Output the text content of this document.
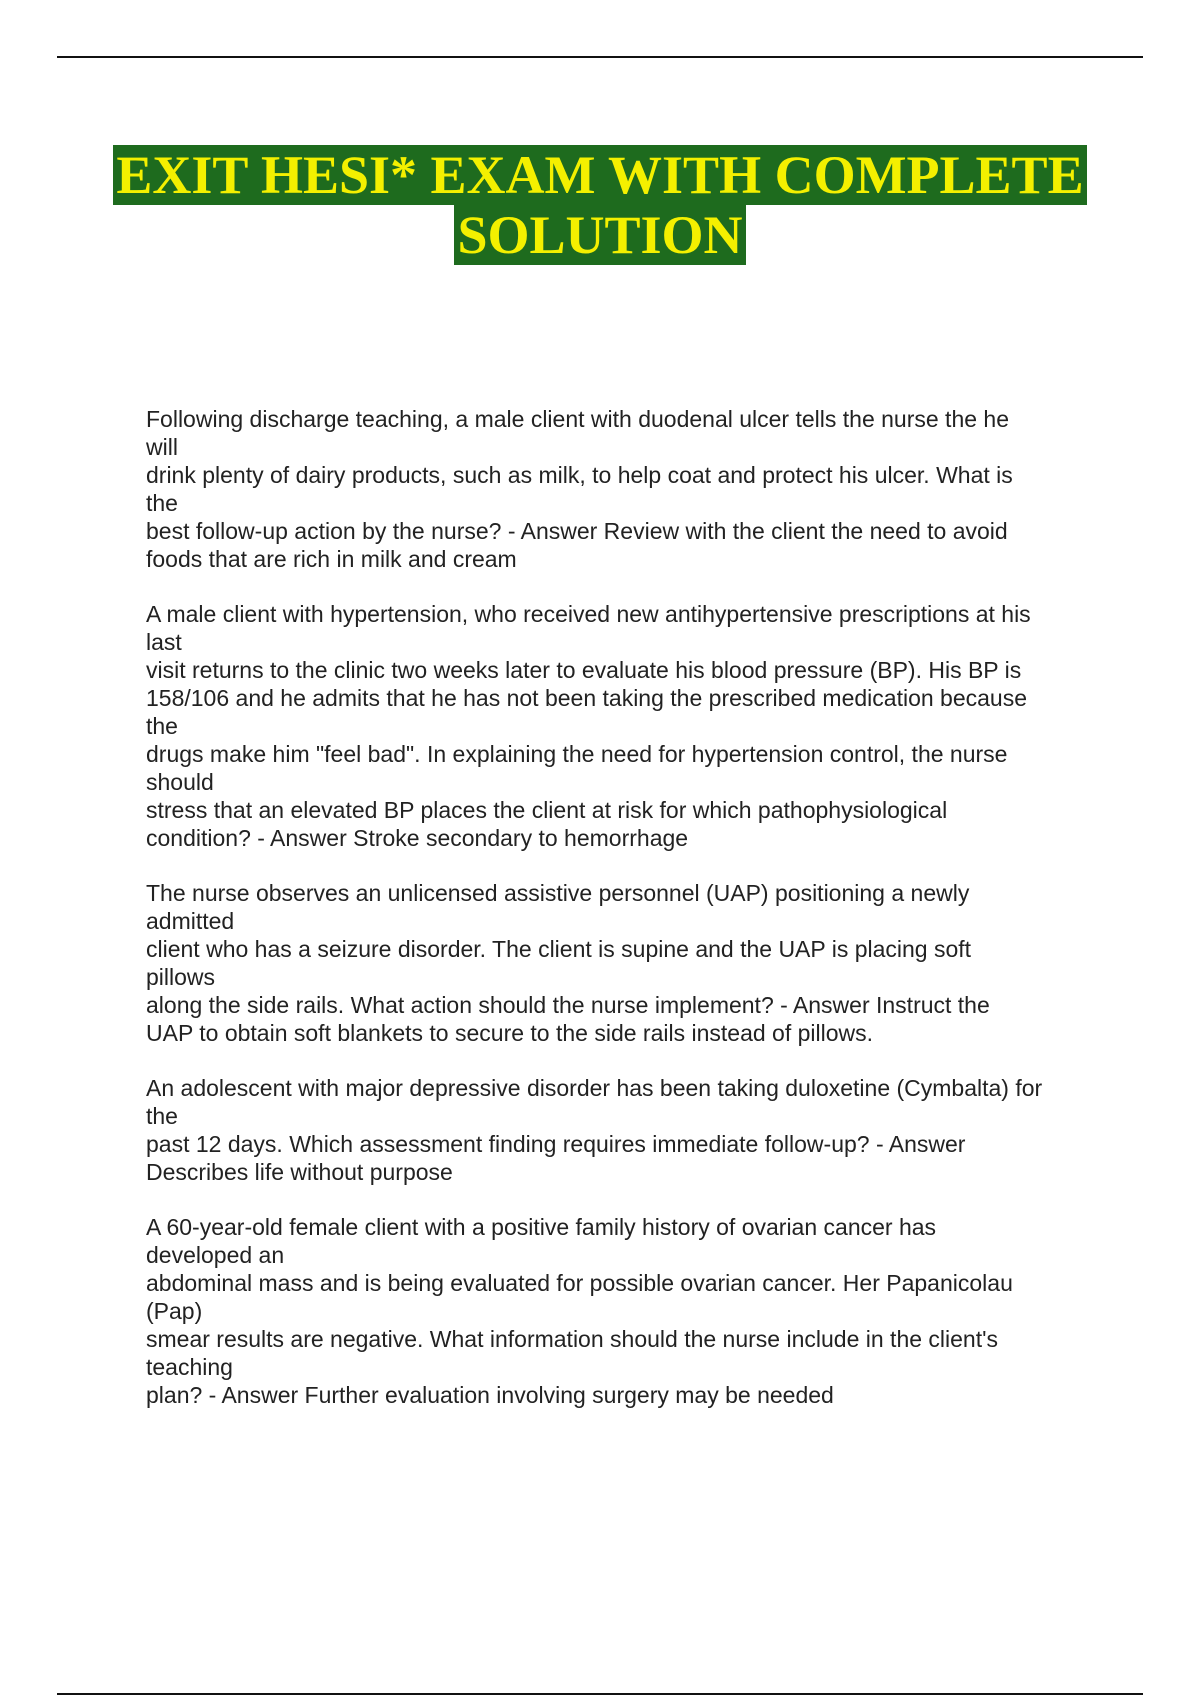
EXIT HESI* EXAM WITH COMPLETE
SOLUTION
Following discharge teaching, a male client with duodenal ulcer tells the nurse the he
will
drink plenty of dairy products, such as milk, to help coat and protect his ulcer. What is
the
best follow-up action by the nurse? - Answer Review with the client the need to avoid
foods that are rich in milk and cream
A male client with hypertension, who received new antihypertensive prescriptions at his
last
visit returns to the clinic two weeks later to evaluate his blood pressure (BP). His BP is
158/106 and he admits that he has not been taking the prescribed medication because
the
drugs make him "feel bad". In explaining the need for hypertension control, the nurse
should
stress that an elevated BP places the client at risk for which pathophysiological
condition? - Answer Stroke secondary to hemorrhage
The nurse observes an unlicensed assistive personnel (UAP) positioning a newly
admitted
client who has a seizure disorder. The client is supine and the UAP is placing soft
pillows
along the side rails. What action should the nurse implement? - Answer Instruct the
UAP to obtain soft blankets to secure to the side rails instead of pillows.
An adolescent with major depressive disorder has been taking duloxetine (Cymbalta) for
the
past 12 days. Which assessment finding requires immediate follow-up? - Answer
Describes life without purpose
A 60-year-old female client with a positive family history of ovarian cancer has
developed an
abdominal mass and is being evaluated for possible ovarian cancer. Her Papanicolau
(Pap)
smear results are negative. What information should the nurse include in the client's
teaching
plan? - Answer Further evaluation involving surgery may be needed
